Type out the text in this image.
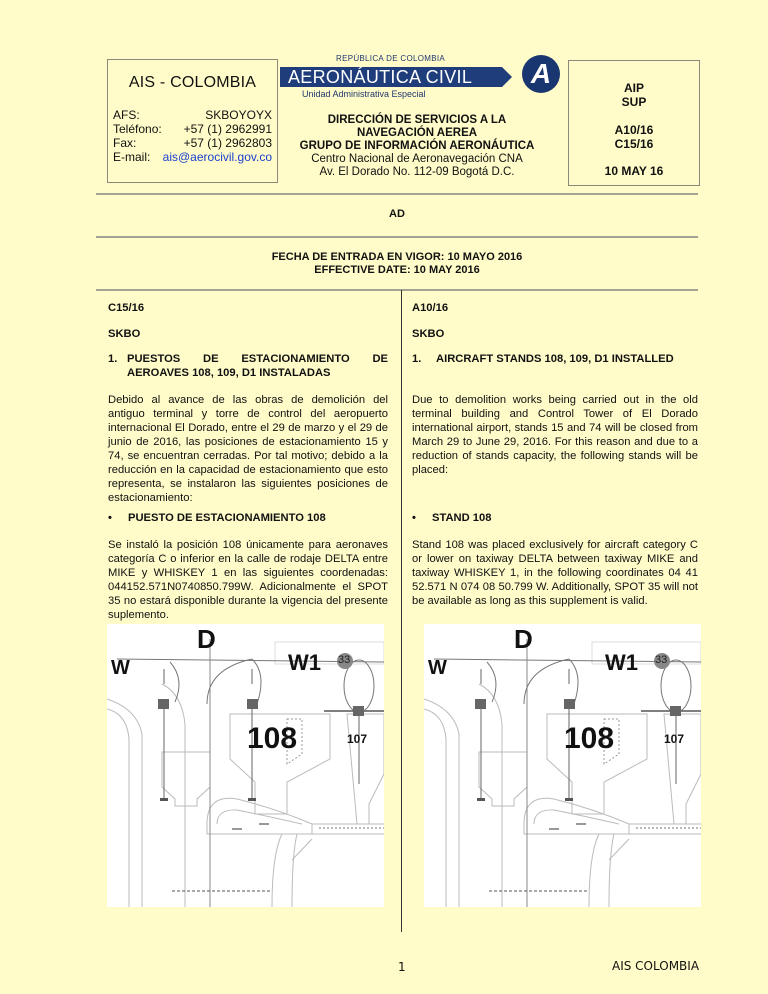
AIS - COLOMBIA
AFS:	SKBOYOYX
Teléfono: +57 (1) 2962991
Fax:	+57 (1) 2962803
E-mail: ais@aerocivil.gov.co
REPÚBLICA DE COLOMBIA
AERONÁUTICA CIVIL
Unidad Administrativa Especial
A
DIRECCIÓN DE SERVICIOS A LA
NAVEGACIÓN AEREA
GRUPO DE INFORMACIÓN AERONÁUTICA
Centro Nacional de Aeronavegación CNA
Av. El Dorado No. 112-09 Bogotá D.C.
AIP
SUP
A10/16
C15/16
10 MAY 16
AD
FECHA DE ENTRADA EN VIGOR: 10 MAYO 2016
EFFECTIVE DATE: 10 MAY 2016
C15/16
SKBO
1. PUESTOS DE ESTACIONAMIENTO DE AEROAVES 108, 109, D1 INSTALADAS
Debido al avance de las obras de demolición del antiguo terminal y torre de control del aeropuerto internacional El Dorado, entre el 29 de marzo y el 29 de junio de 2016, las posiciones de estacionamiento 15 y 74, se encuentran cerradas. Por tal motivo; debido a la reducción en la capacidad de estacionamiento que esto representa, se instalaron las siguientes posiciones de estacionamiento:
•	PUESTO DE ESTACIONAMIENTO 108
Se instaló la posición 108 únicamente para aeronaves categoría C o inferior en la calle de rodaje DELTA entre MIKE y WHISKEY 1 en las siguientes coordenadas: 044152.571N0740850.799W. Adicionalmente el SPOT 35 no estará disponible durante la vigencia del presente suplemento.
A10/16
SKBO
1.	AIRCRAFT STANDS 108, 109, D1 INSTALLED
Due to demolition works being carried out in the old terminal building and Control Tower of El Dorado international airport, stands 15 and 74 will be closed from March 29 to June 29, 2016. For this reason and due to a reduction of stands capacity, the following stands will be placed:
•	STAND 108
Stand 108 was placed exclusively for aircraft category C or lower on taxiway DELTA between taxiway MIKE and taxiway WHISKEY 1, in the following coordinates 04 41 52.571 N 074 08 50.799 W. Additionally, SPOT 35 will not be available as long as this supplement is valid.
D
W	W1 33
108	107
D
W	W1 33
108	107
1	AIS COLOMBIA
